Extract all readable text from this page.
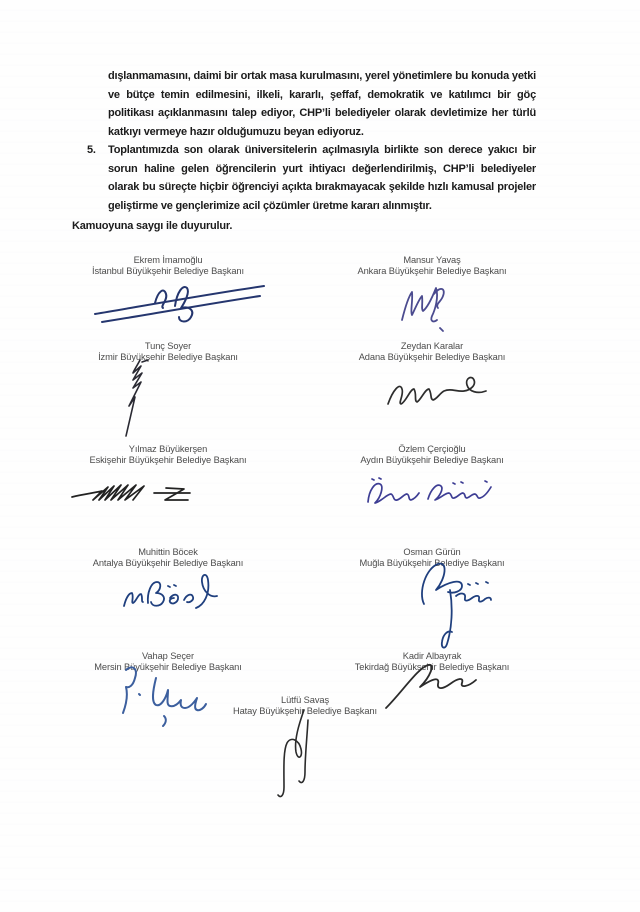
dışlanmamasını, daimi bir ortak masa kurulmasını, yerel yönetimlere bu konuda yetki ve bütçe temin edilmesini, ilkeli, kararlı, şeffaf, demokratik ve katılımcı bir göç politikası açıklanmasını talep ediyor, CHP’li belediyeler olarak devletimize her türlü katkıyı vermeye hazır olduğumuzu beyan ediyoruz.

5. Toplantımızda son olarak üniversitelerin açılmasıyla birlikte son derece yakıcı bir sorun haline gelen öğrencilerin yurt ihtiyacı değerlendirilmiş, CHP’li belediyeler olarak bu süreçte hiçbir öğrenciyi açıkta bırakmayacak şekilde hızlı kamusal projeler geliştirme ve gençlerimize acil çözümler üretme kararı alınmıştır.

Kamuoyuna saygı ile duyurulur.

Ekrem İmamoğlu
İstanbul Büyükşehir Belediye Başkanı
Mansur Yavaş
Ankara Büyükşehir Belediye Başkanı
Tunç Soyer
İzmir Büyükşehir Belediye Başkanı
Zeydan Karalar
Adana Büyükşehir Belediye Başkanı
Yılmaz Büyükerşen
Eskişehir Büyükşehir Belediye Başkanı
Özlem Çerçioğlu
Aydın Büyükşehir Belediye Başkanı
Muhittin Böcek
Antalya Büyükşehir Belediye Başkanı
Osman Gürün
Muğla Büyükşehir Belediye Başkanı
Vahap Seçer
Mersin Büyükşehir Belediye Başkanı
Kadir Albayrak
Tekirdağ Büyükşehir Belediye Başkanı
Lütfü Savaş
Hatay Büyükşehir Belediye Başkanı
